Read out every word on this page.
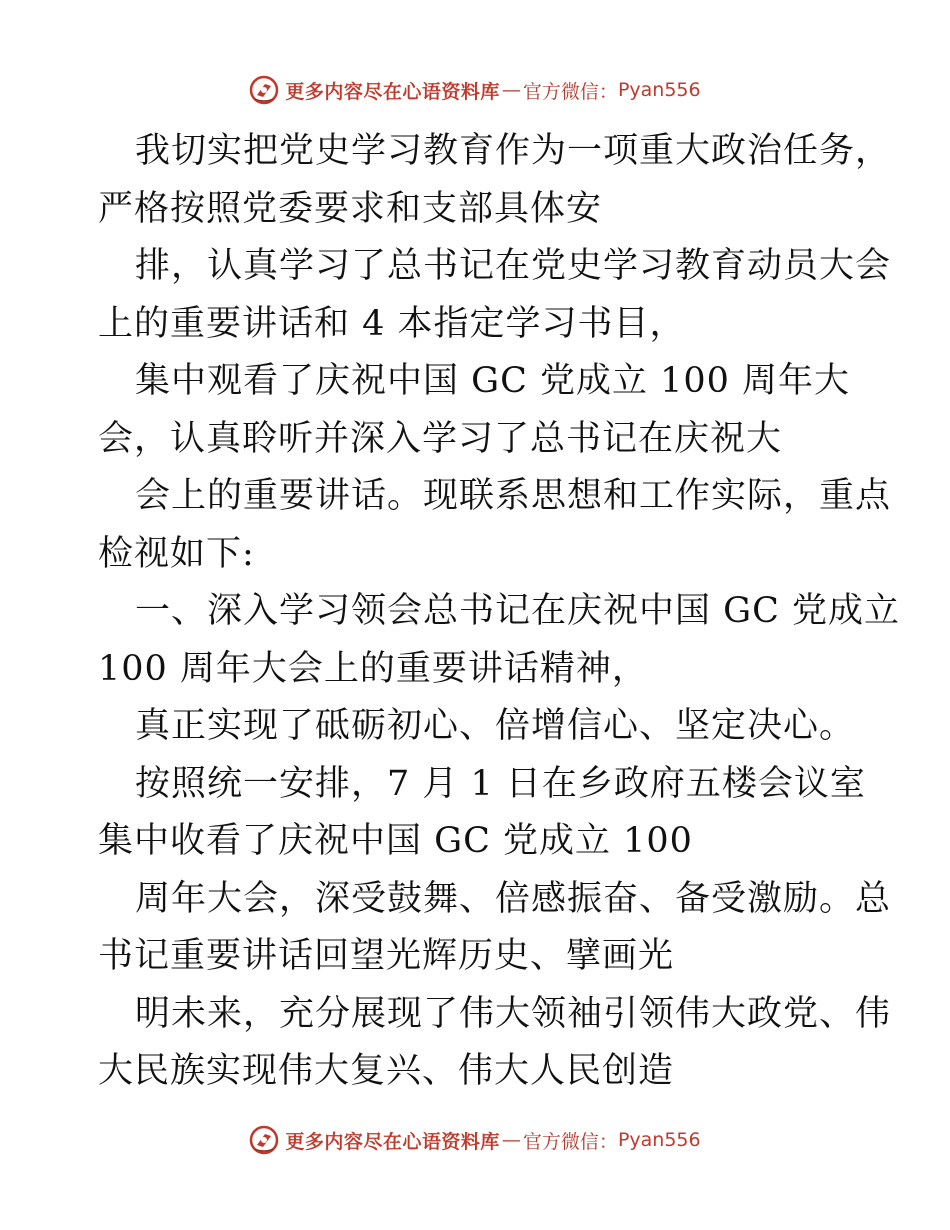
更多内容尽在心语资料库 — 官方微信： Pyan556
我切实把党史学习教育作为一项重大政治任务，
严格按照党委要求和支部具体安
排，认真学习了总书记在党史学习教育动员大会
上的重要讲话和 4 本指定学习书目，
集中观看了庆祝中国 GC 党成立 100 周年大
会，认真聆听并深入学习了总书记在庆祝大
会上的重要讲话。现联系思想和工作实际，重点
检视如下:
一、深入学习领会总书记在庆祝中国 GC 党成立
100 周年大会上的重要讲话精神，
真正实现了砥砺初心、倍增信心、坚定决心。
按照统一安排，7 月 1 日在乡政府五楼会议室
集中收看了庆祝中国 GC 党成立 100
周年大会，深受鼓舞、倍感振奋、备受激励。总
书记重要讲话回望光辉历史、擘画光
明未来，充分展现了伟大领袖引领伟大政党、伟
大民族实现伟大复兴、伟大人民创造
更多内容尽在心语资料库 — 官方微信： Pyan556
